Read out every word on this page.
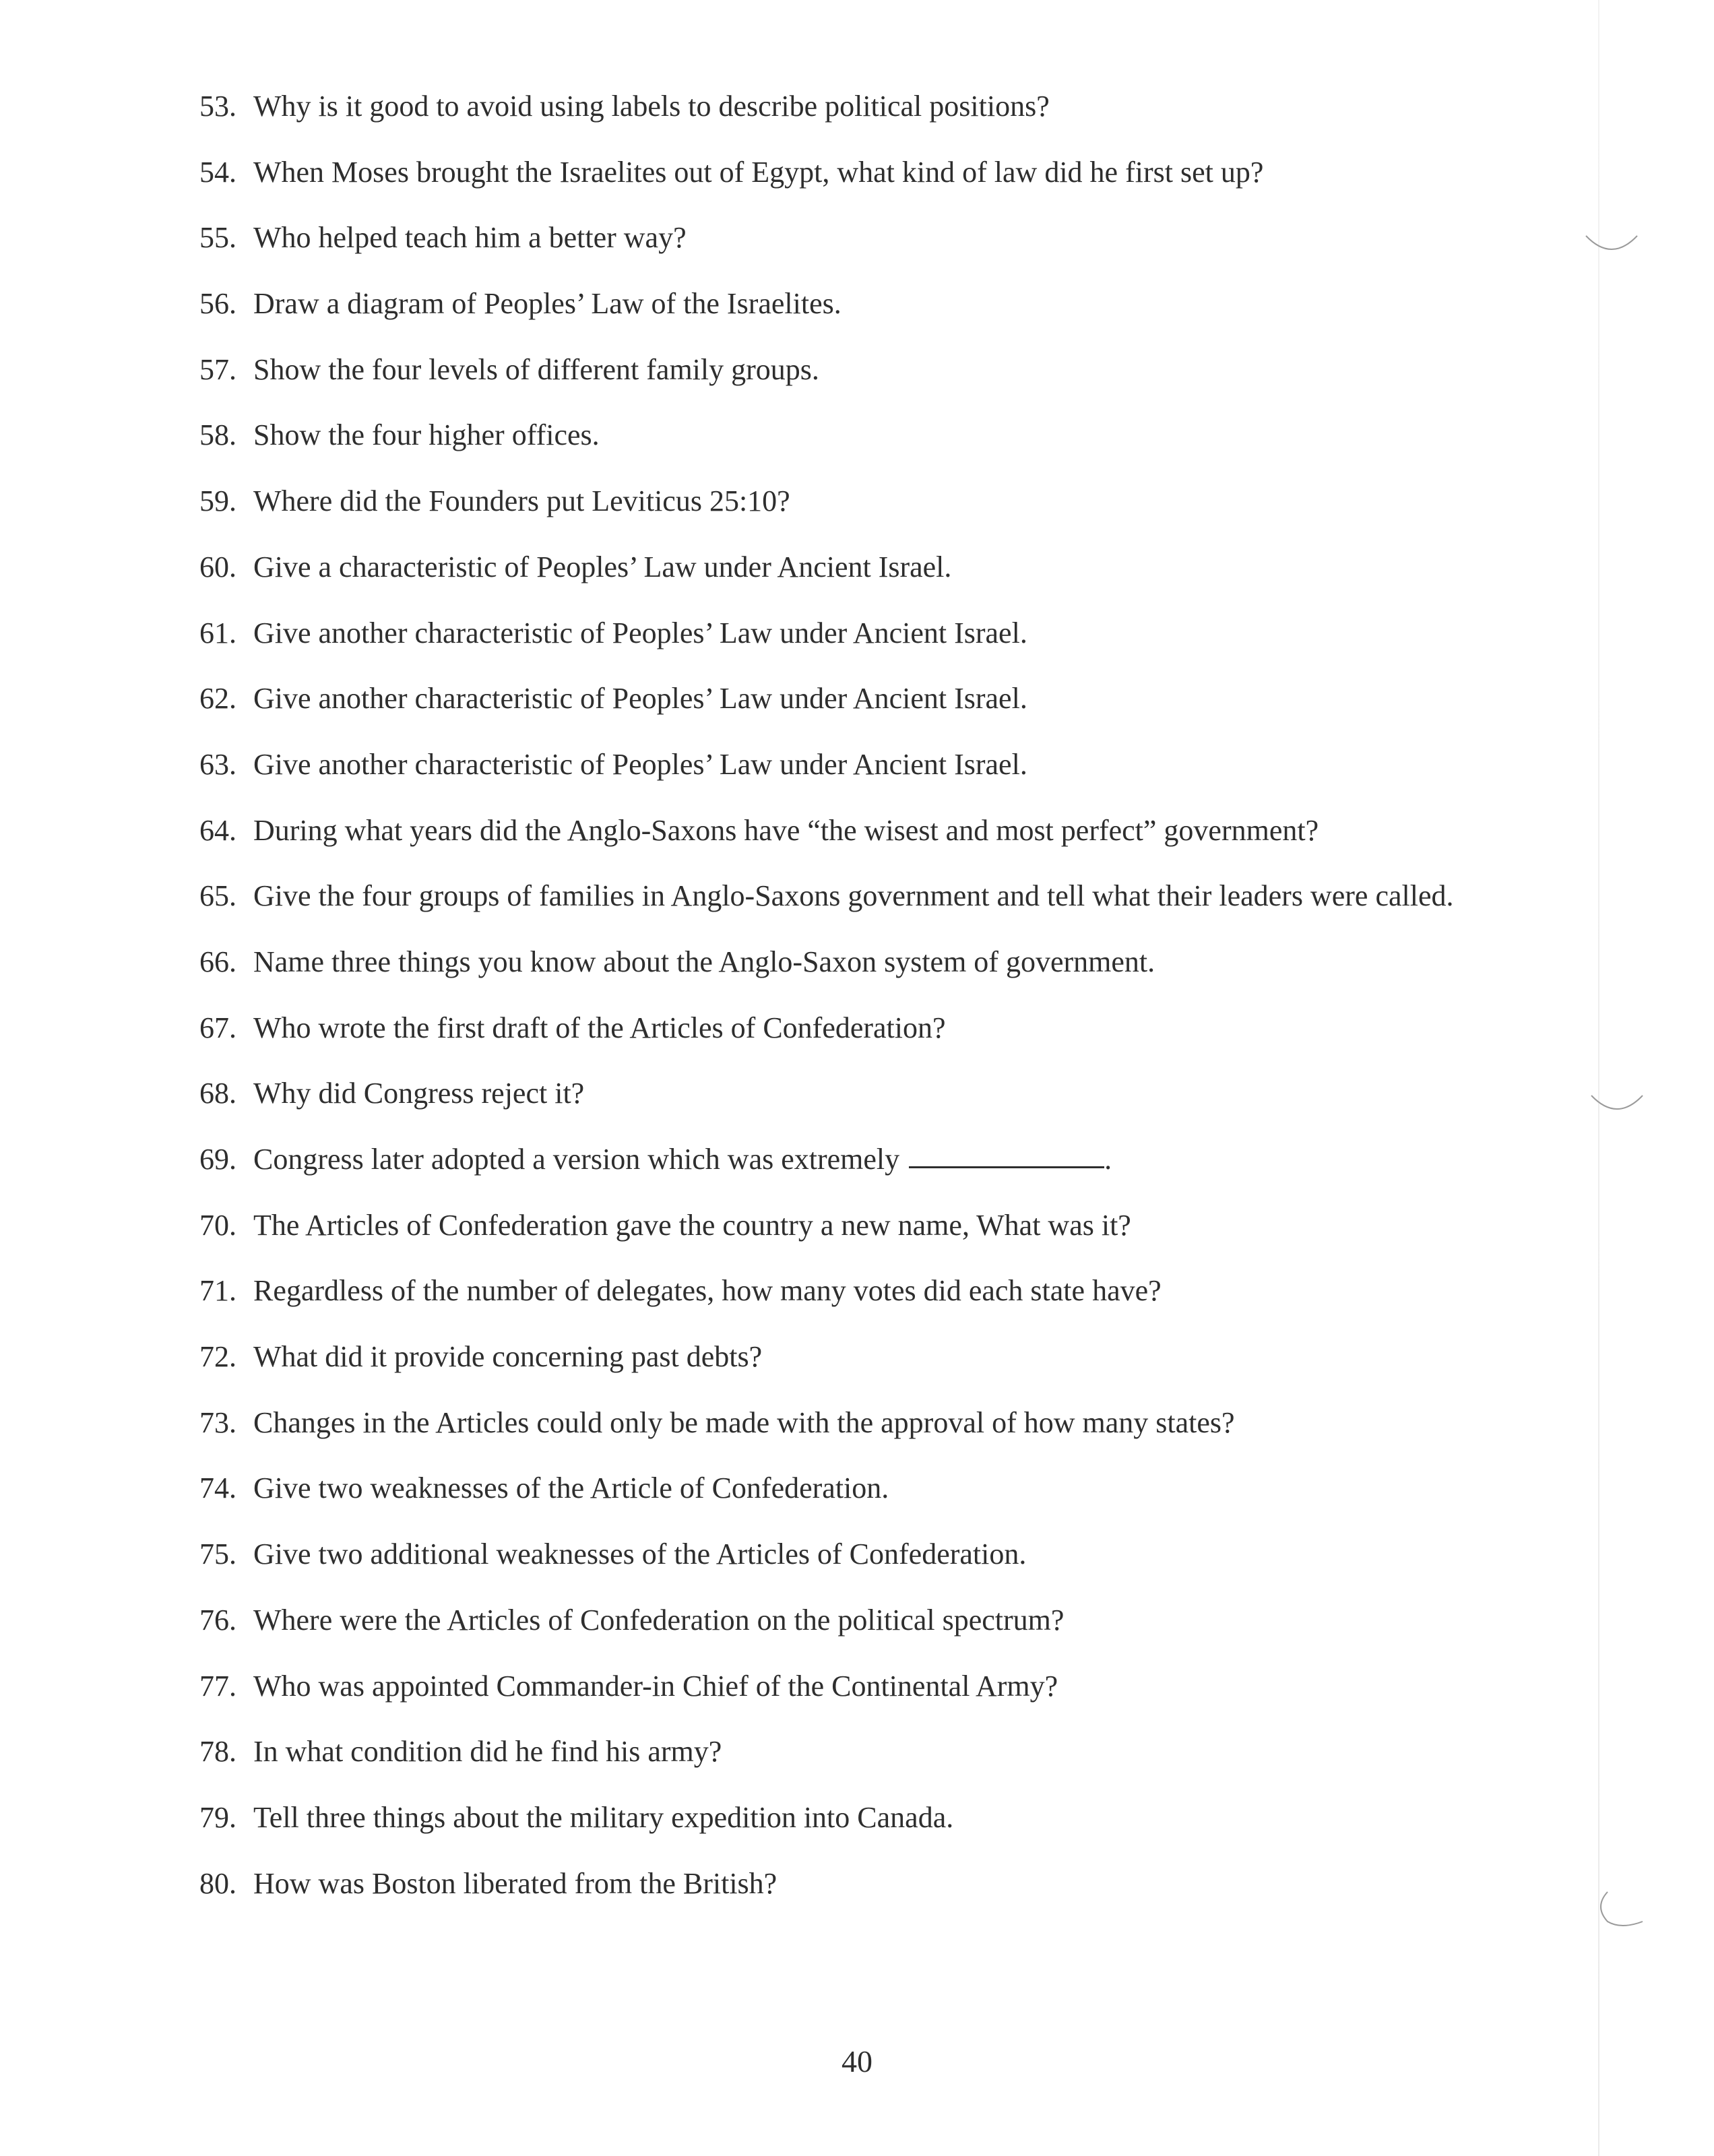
53. Why is it good to avoid using labels to describe political positions?
54. When Moses brought the Israelites out of Egypt, what kind of law did he first set up?
55. Who helped teach him a better way?
56. Draw a diagram of Peoples’ Law of the Israelites.
57. Show the four levels of different family groups.
58. Show the four higher offices.
59. Where did the Founders put Leviticus 25:10?
60. Give a characteristic of Peoples’ Law under Ancient Israel.
61. Give another characteristic of Peoples’ Law under Ancient Israel.
62. Give another characteristic of Peoples’ Law under Ancient Israel.
63. Give another characteristic of Peoples’ Law under Ancient Israel.
64. During what years did the Anglo-Saxons have “the wisest and most perfect” government?
65. Give the four groups of families in Anglo-Saxons government and tell what their leaders were called.
66. Name three things you know about the Anglo-Saxon system of government.
67. Who wrote the first draft of the Articles of Confederation?
68. Why did Congress reject it?
69. Congress later adopted a version which was extremely	.
70. The Articles of Confederation gave the country a new name, What was it?
71. Regardless of the number of delegates, how many votes did each state have?
72. What did it provide concerning past debts?
73. Changes in the Articles could only be made with the approval of how many states?
74. Give two weaknesses of the Article of Confederation.
75. Give two additional weaknesses of the Articles of Confederation.
76. Where were the Articles of Confederation on the political spectrum?
77. Who was appointed Commander-in Chief of the Continental Army?
78. In what condition did he find his army?
79. Tell three things about the military expedition into Canada.
80. How was Boston liberated from the British?
40
